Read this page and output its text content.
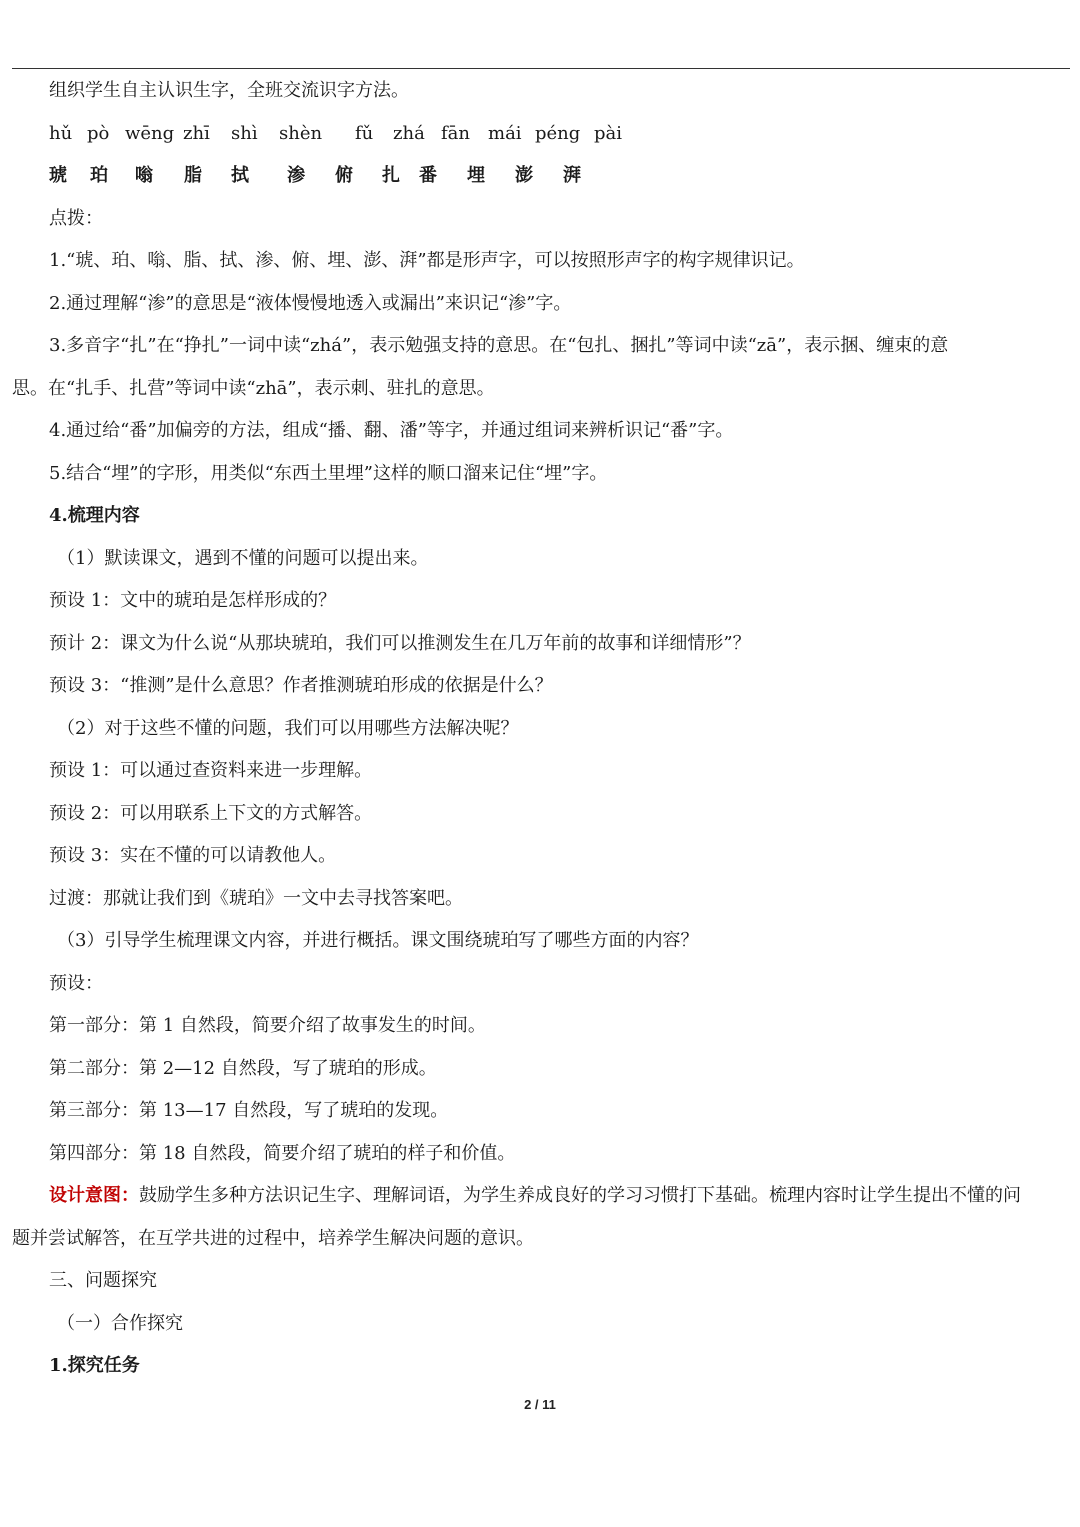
组织学生自主认识生字，全班交流识字方法。
hǔ pò wēng zhī shì shèn fǔ zhá fān mái péng pài
琥 珀 嗡 脂 拭 渗 俯 扎 番 埋 澎 湃
点拨：
1.“琥、珀、嗡、脂、拭、渗、俯、埋、澎、湃”都是形声字，可以按照形声字的构字规律识记。
2.通过理解“渗”的意思是“液体慢慢地透入或漏出”来识记“渗”字。
3.多音字“扎”在“挣扎”一词中读“zhá”，表示勉强支持的意思。在“包扎、捆扎”等词中读“zā”，表示捆、缠束的意
思。在“扎手、扎营”等词中读“zhā”，表示刺、驻扎的意思。
4.通过给“番”加偏旁的方法，组成“播、翻、潘”等字，并通过组词来辨析识记“番”字。
5.结合“埋”的字形，用类似“东西土里埋”这样的顺口溜来记住“埋”字。
4.梳理内容
（1）默读课文，遇到不懂的问题可以提出来。
预设 1：文中的琥珀是怎样形成的？
预计 2：课文为什么说“从那块琥珀，我们可以推测发生在几万年前的故事和详细情形”？
预设 3：“推测”是什么意思？作者推测琥珀形成的依据是什么？
（2）对于这些不懂的问题，我们可以用哪些方法解决呢？
预设 1：可以通过查资料来进一步理解。
预设 2：可以用联系上下文的方式解答。
预设 3：实在不懂的可以请教他人。
过渡：那就让我们到《琥珀》一文中去寻找答案吧。
（3）引导学生梳理课文内容，并进行概括。课文围绕琥珀写了哪些方面的内容？
预设：
第一部分：第 1 自然段，简要介绍了故事发生的时间。
第二部分：第 2—12 自然段，写了琥珀的形成。
第三部分：第 13—17 自然段，写了琥珀的发现。
第四部分：第 18 自然段，简要介绍了琥珀的样子和价值。
设计意图：鼓励学生多种方法识记生字、理解词语，为学生养成良好的学习习惯打下基础。梳理内容时让学生提出不懂的问
题并尝试解答，在互学共进的过程中，培养学生解决问题的意识。
三、问题探究
（一）合作探究
1.探究任务
2 / 11
